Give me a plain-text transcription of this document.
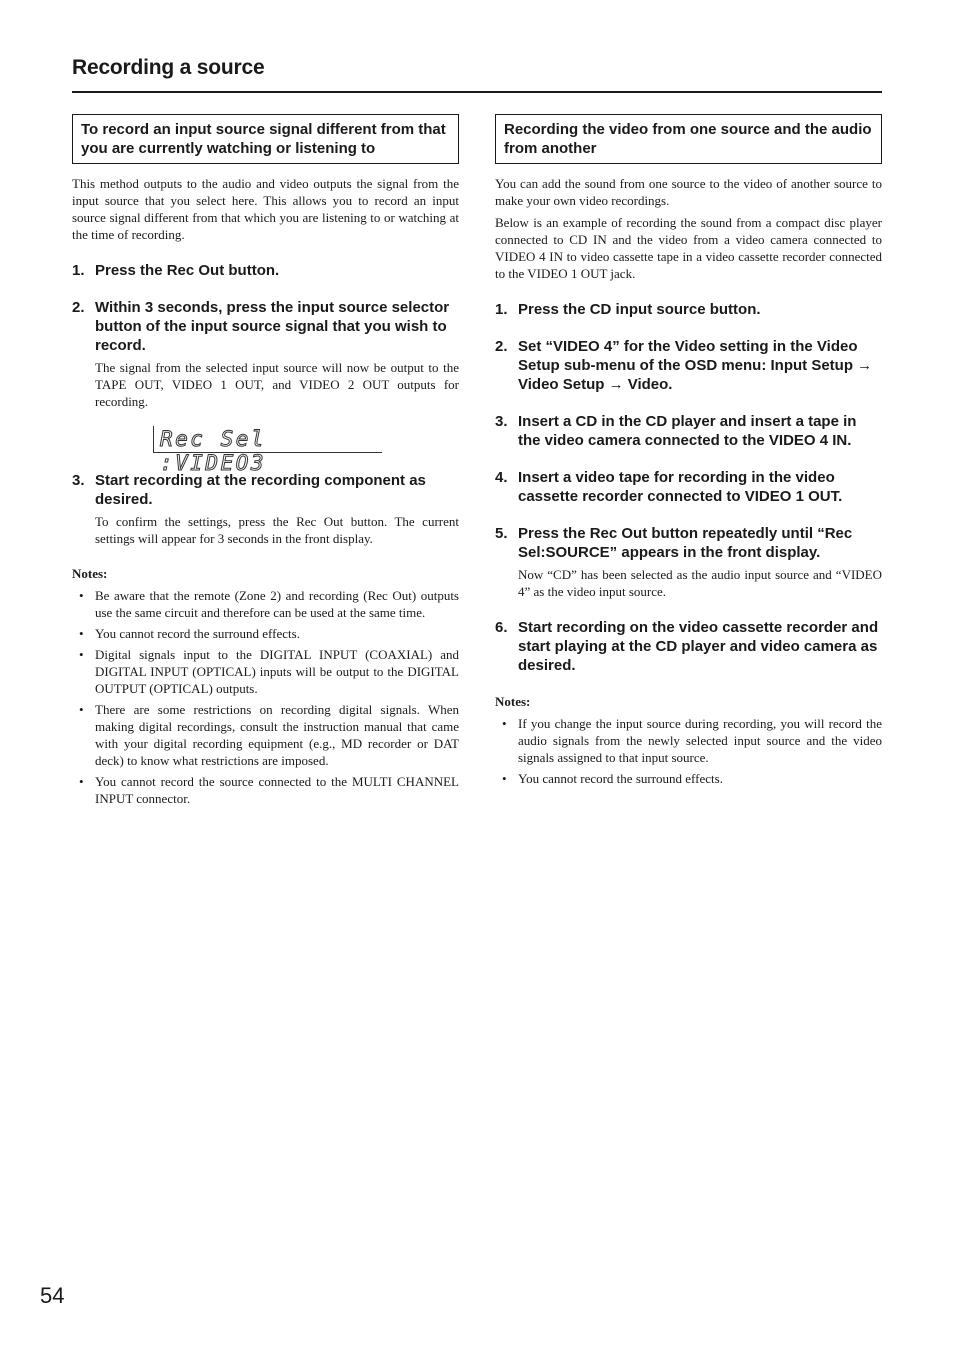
Recording a source
To record an input source signal different from that you are currently watching or listening to

This method outputs to the audio and video outputs the signal from the input source that you select here. This allows you to record an input source signal different from that which you are listening to or watching at the time of recording.

1. Press the Rec Out button.
2. Within 3 seconds, press the input source selector button of the input source signal that you wish to record.
The signal from the selected input source will now be output to the TAPE OUT, VIDEO 1 OUT, and VIDEO 2 OUT outputs for recording.
Rec Sel :VIDEO3
3. Start recording at the recording component as desired.
To confirm the settings, press the Rec Out button. The current settings will appear for 3 seconds in the front display.
Notes:
• Be aware that the remote (Zone 2) and recording (Rec Out) outputs use the same circuit and therefore can be used at the same time.
• You cannot record the surround effects.
• Digital signals input to the DIGITAL INPUT (COAXIAL) and DIGITAL INPUT (OPTICAL) inputs will be output to the DIGITAL OUTPUT (OPTICAL) outputs.
• There are some restrictions on recording digital signals. When making digital recordings, consult the instruction manual that came with your digital recording equipment (e.g., MD recorder or DAT deck) to know what restrictions are imposed.
• You cannot record the source connected to the MULTI CHANNEL INPUT connector.
Recording the video from one source and the audio from another

You can add the sound from one source to the video of another source to make your own video recordings.

Below is an example of recording the sound from a compact disc player connected to CD IN and the video from a video camera connected to VIDEO 4 IN to video cassette tape in a video cassette recorder connected to the VIDEO 1 OUT jack.

1. Press the CD input source button.
2. Set “VIDEO 4” for the Video setting in the Video Setup sub-menu of the OSD menu: Input Setup → Video Setup → Video.
3. Insert a CD in the CD player and insert a tape in the video camera connected to the VIDEO 4 IN.
4. Insert a video tape for recording in the video cassette recorder connected to VIDEO 1 OUT.
5. Press the Rec Out button repeatedly until “Rec Sel:SOURCE” appears in the front display.
Now “CD” has been selected as the audio input source and “VIDEO 4” as the video input source.
6. Start recording on the video cassette recorder and start playing at the CD player and video camera as desired.
Notes:
• If you change the input source during recording, you will record the audio signals from the newly selected input source and the video signals assigned to that input source.
• You cannot record the surround effects.
54
